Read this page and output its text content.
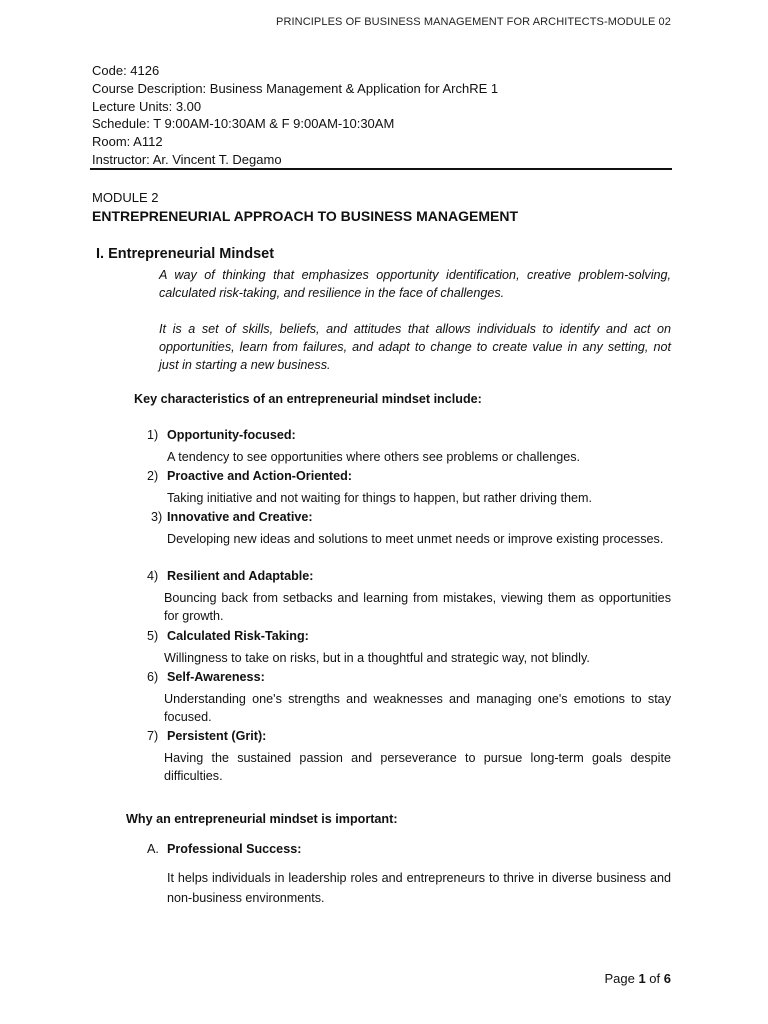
PRINCIPLES OF BUSINESS MANAGEMENT FOR ARCHITECTS-MODULE 02
Code: 4126
Course Description: Business Management & Application for ArchRE 1
Lecture Units: 3.00
Schedule: T 9:00AM-10:30AM & F 9:00AM-10:30AM
Room: A112
Instructor: Ar. Vincent T. Degamo
MODULE 2
ENTREPRENEURIAL APPROACH TO BUSINESS MANAGEMENT
I. Entrepreneurial Mindset
A way of thinking that emphasizes opportunity identification, creative problem-solving, calculated risk-taking, and resilience in the face of challenges.
It is a set of skills, beliefs, and attitudes that allows individuals to identify and act on opportunities, learn from failures, and adapt to change to create value in any setting, not just in starting a new business.
Key characteristics of an entrepreneurial mindset include:
1) Opportunity-focused:
A tendency to see opportunities where others see problems or challenges.
2) Proactive and Action-Oriented:
Taking initiative and not waiting for things to happen, but rather driving them.
3) Innovative and Creative:
Developing new ideas and solutions to meet unmet needs or improve existing processes.
4) Resilient and Adaptable:
Bouncing back from setbacks and learning from mistakes, viewing them as opportunities for growth.
5) Calculated Risk-Taking:
Willingness to take on risks, but in a thoughtful and strategic way, not blindly.
6) Self-Awareness:
Understanding one's strengths and weaknesses and managing one's emotions to stay focused.
7) Persistent (Grit):
Having the sustained passion and perseverance to pursue long-term goals despite difficulties.
Why an entrepreneurial mindset is important:
A. Professional Success:
It helps individuals in leadership roles and entrepreneurs to thrive in diverse business and non-business environments.
Page 1 of 6
